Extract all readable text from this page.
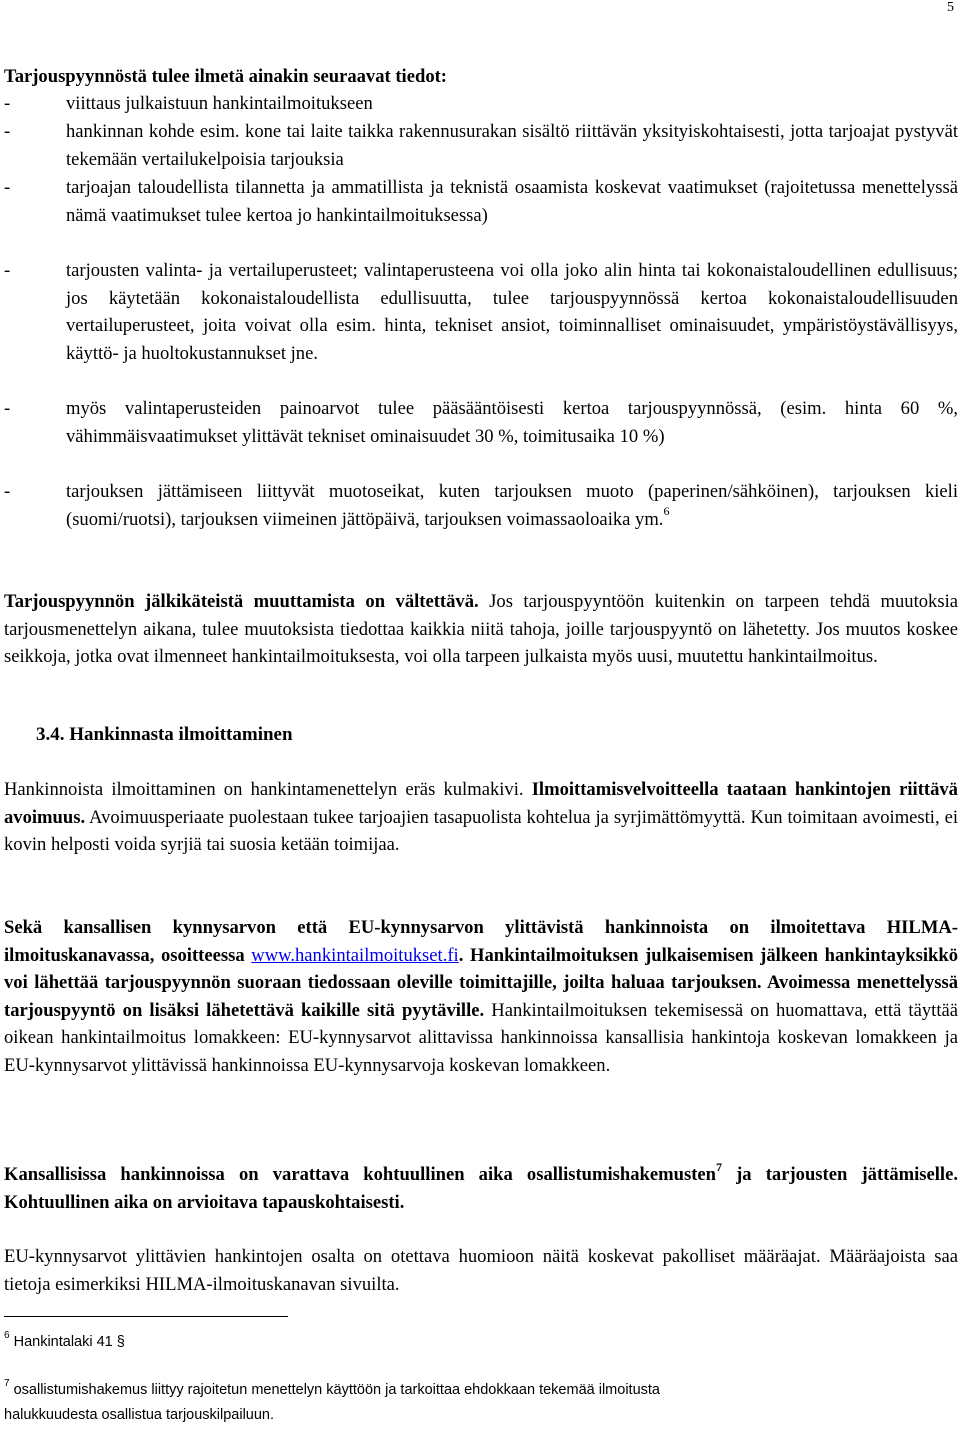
5
Tarjouspyynnöstä tulee ilmetä ainakin seuraavat tiedot:
-	viittaus julkaistuun hankintailmoitukseen
-	hankinnan kohde esim. kone tai laite taikka rakennusurakan sisältö riittävän yksityiskohtaisesti, jotta tarjoajat pystyvät tekemään vertailukelpoisia tarjouksia
-	tarjoajan taloudellista tilannetta ja ammatillista ja teknistä osaamista koskevat vaatimukset (rajoitetussa menettelyssä nämä vaatimukset tulee kertoa jo hankintailmoituksessa)
-	tarjousten valinta- ja vertailuperusteet; valintaperusteena voi olla joko alin hinta tai kokonaistaloudellinen edullisuus; jos käytetään kokonaistaloudellista edullisuutta, tulee tarjouspyynnössä kertoa kokonaistaloudellisuuden vertailuperusteet, joita voivat olla esim. hinta, tekniset ansiot, toiminnalliset ominaisuudet, ympäristöystävällisyys, käyttö- ja huoltokustannukset jne.
-	myös valintaperusteiden painoarvot tulee pääsääntöisesti kertoa tarjouspyynnössä, (esim. hinta 60 %, vähimmäisvaatimukset ylittävät tekniset ominaisuudet 30 %, toimitusaika 10 %)
-	tarjouksen jättämiseen liittyvät muotoseikat, kuten tarjouksen muoto (paperinen/sähköinen), tarjouksen kieli (suomi/ruotsi), tarjouksen viimeinen jättöpäivä, tarjouksen voimassaoloaika ym.$^6$
Tarjouspyynnön jälkikäteistä muuttamista on vältettävä. Jos tarjouspyyntöön kuitenkin on tarpeen tehdä muutoksia tarjousmenettelyn aikana, tulee muutoksista tiedottaa kaikkia niitä tahoja, joille tarjouspyyntö on lähetetty. Jos muutos koskee seikkoja, jotka ovat ilmenneet hankintailmoituksesta, voi olla tarpeen julkaista myös uusi, muutettu hankintailmoitus.
3.4. Hankinnasta ilmoittaminen
Hankinnoista ilmoittaminen on hankintamenettelyn eräs kulmakivi. Ilmoittamisvelvoitteella taataan hankintojen riittävä avoimuus. Avoimuusperiaate puolestaan tukee tarjoajien tasapuolista kohtelua ja syrjimättömyyttä. Kun toimitaan avoimesti, ei kovin helposti voida syrjiä tai suosia ketään toimijaa.
Sekä kansallisen kynnysarvon että EU-kynnysarvon ylittävistä hankinnoista on ilmoitettava HILMA-ilmoituskanavassa, osoitteessa www.hankintailmoitukset.fi. Hankintailmoituksen julkaisemisen jälkeen hankintayksikkö voi lähettää tarjouspyynnön suoraan tiedossaan oleville toimittajille, joilta haluaa tarjouksen. Avoimessa menettelyssä tarjouspyyntö on lisäksi lähetettävä kaikille sitä pyytäville. Hankintailmoituksen tekemisessä on huomattava, että täyttää oikean hankintailmoitus lomakkeen: EU-kynnysarvot alittavissa hankinnoissa kansallisia hankintoja koskevan lomakkeen ja EU-kynnysarvot ylittävissä hankinnoissa EU-kynnysarvoja koskevan lomakkeen.
Kansallisissa hankinnoissa on varattava kohtuullinen aika osallistumishakemusten$^7$ ja tarjousten jättämiselle. Kohtuullinen aika on arvioitava tapauskohtaisesti.
EU-kynnysarvot ylittävien hankintojen osalta on otettava huomioon näitä koskevat pakolliset määräajat. Määräajoista saa tietoja esimerkiksi HILMA-ilmoituskanavan sivuilta.
$^6$ Hankintalaki 41 §
$^7$ osallistumishakemus liittyy rajoitetun menettelyn käyttöön ja tarkoittaa ehdokkaan tekemää ilmoitusta
halukkuudesta osallistua tarjouskilpailuun.
